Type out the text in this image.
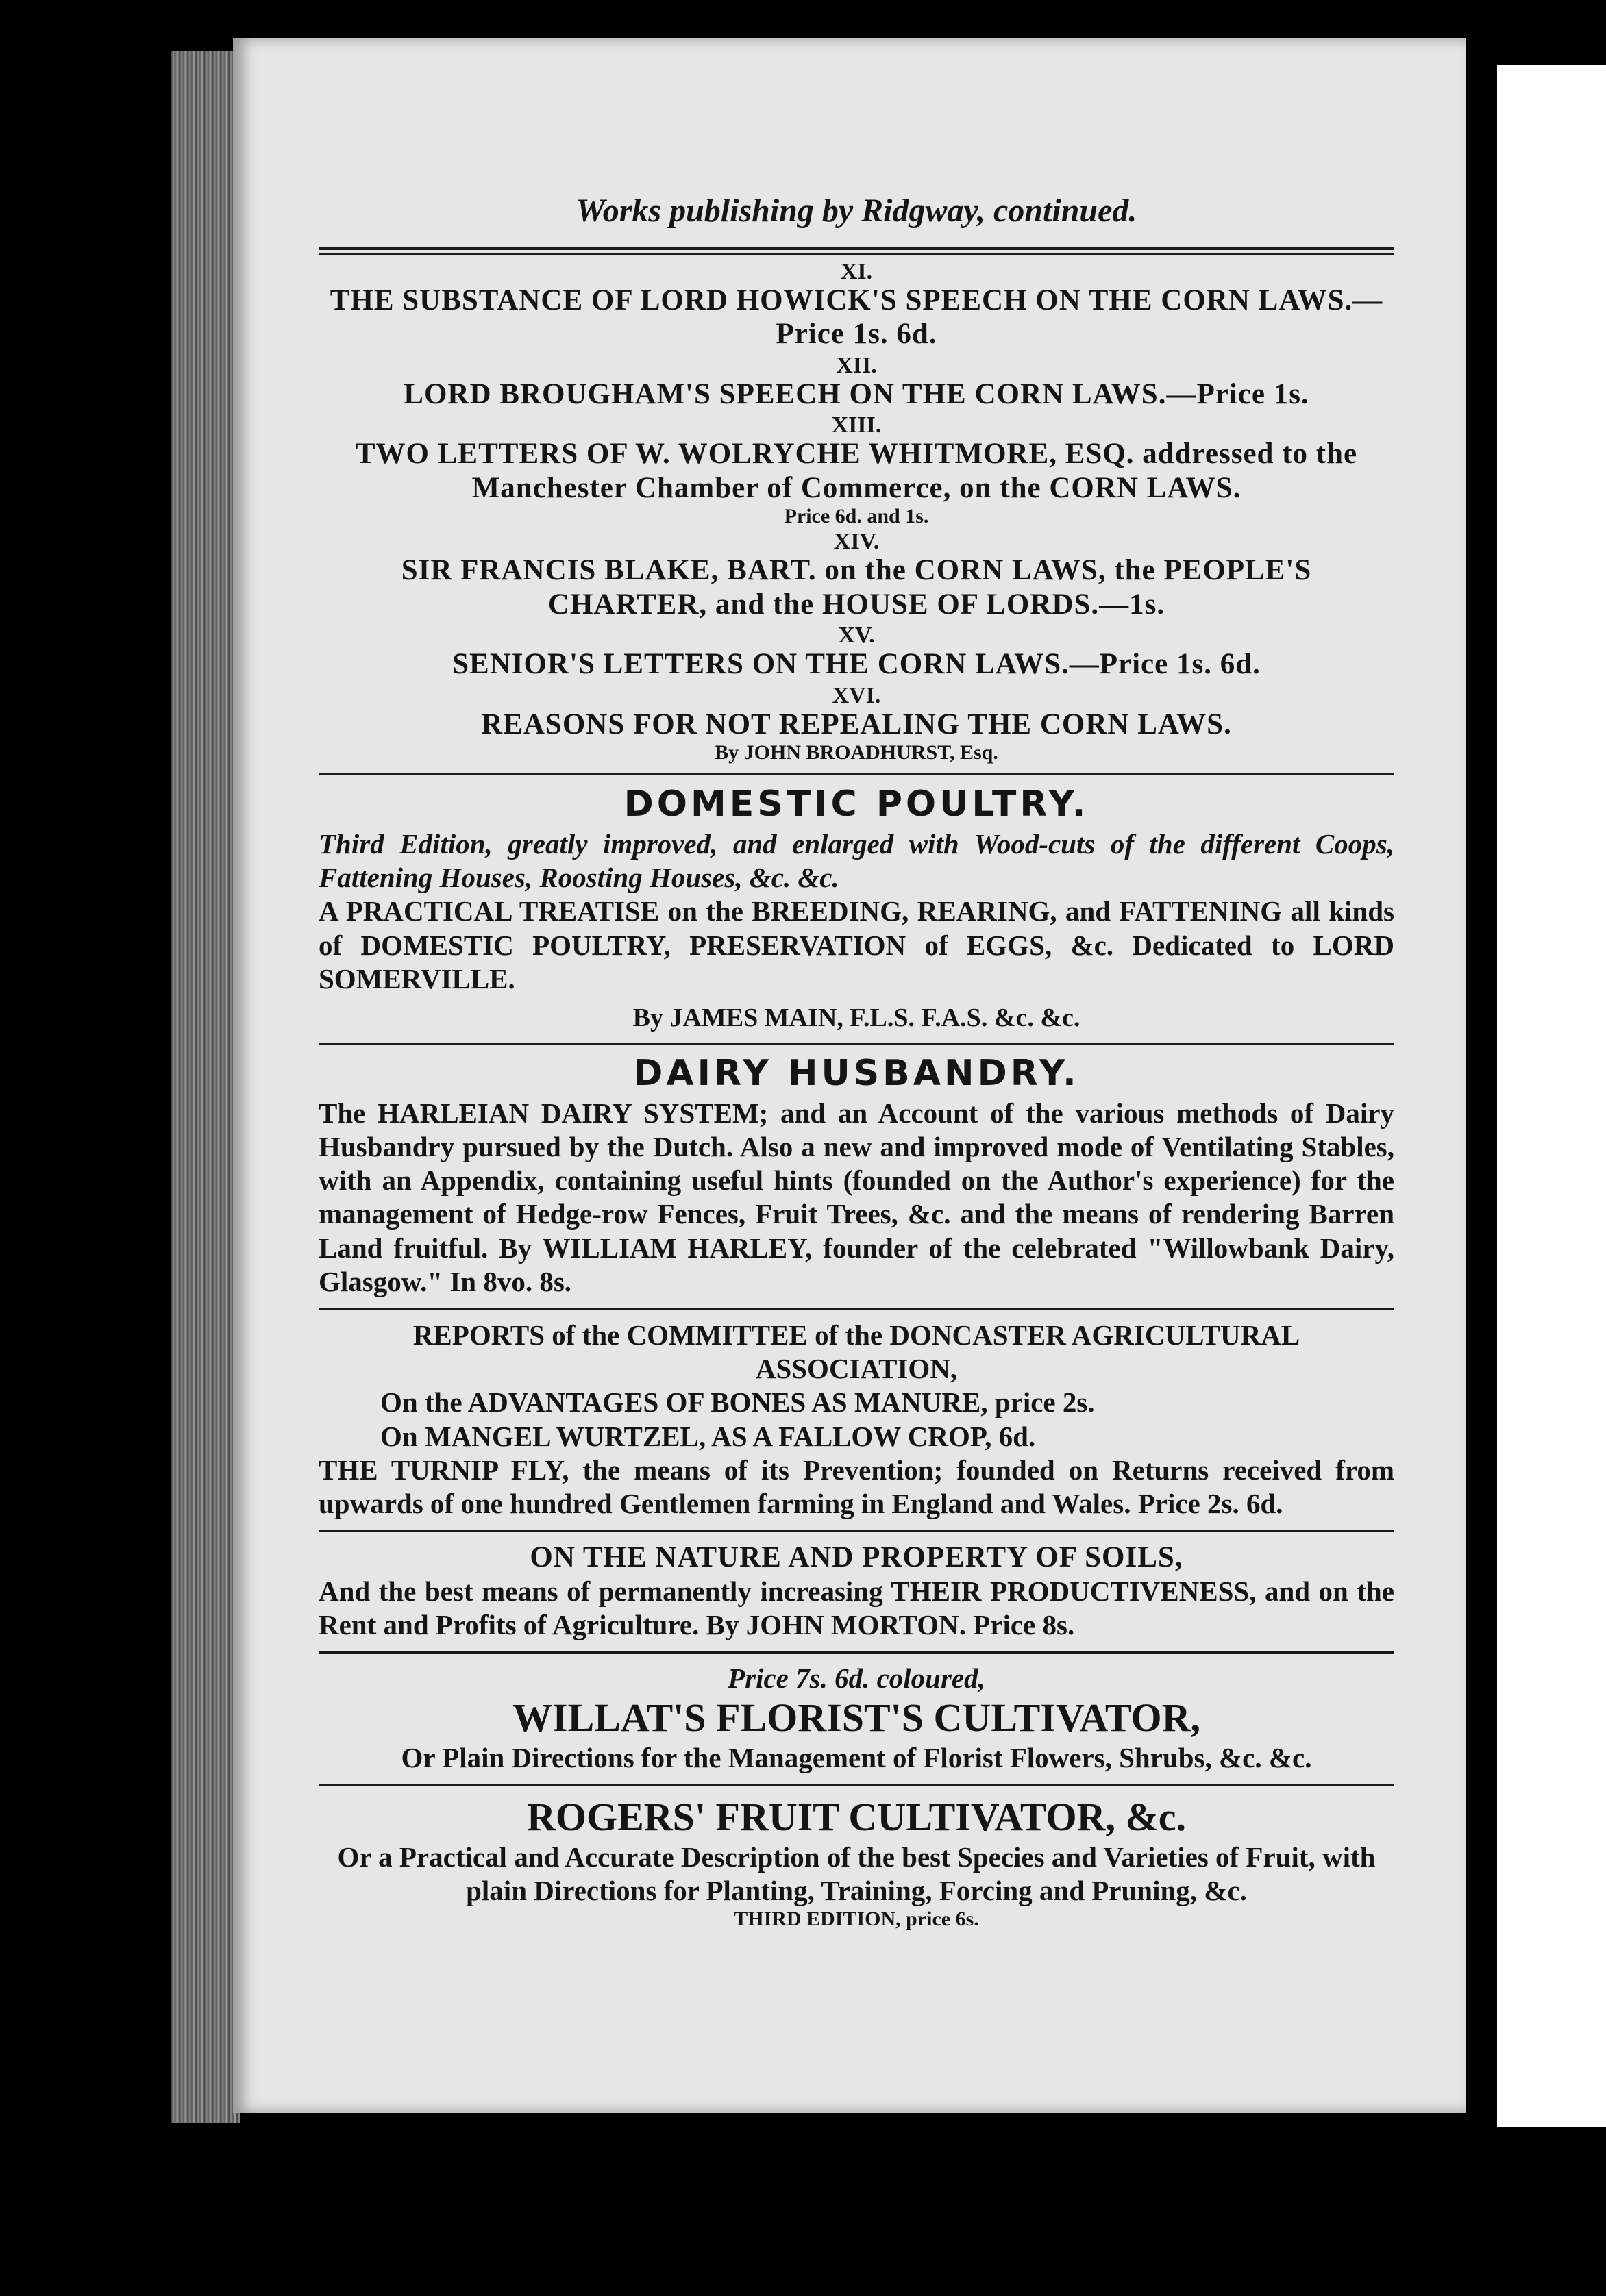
Works publishing by Ridgway, continued.
XI.
THE SUBSTANCE OF LORD HOWICK'S SPEECH ON THE CORN LAWS.—Price 1s. 6d.
XII.
LORD BROUGHAM'S SPEECH ON THE CORN LAWS.—Price 1s.
XIII.
TWO LETTERS OF W. WOLRYCHE WHITMORE, ESQ. addressed to the Manchester Chamber of Commerce, on the CORN LAWS.
Price 6d. and 1s.
XIV.
SIR FRANCIS BLAKE, BART. on the CORN LAWS, the PEOPLE'S CHARTER, and the HOUSE OF LORDS.—1s.
XV.
SENIOR'S LETTERS ON THE CORN LAWS.—Price 1s. 6d.
XVI.
REASONS FOR NOT REPEALING THE CORN LAWS.
By JOHN BROADHURST, Esq.
DOMESTIC POULTRY.
Third Edition, greatly improved, and enlarged with Wood-cuts of the different Coops, Fattening Houses, Roosting Houses, &c. &c.
A PRACTICAL TREATISE on the BREEDING, REARING, and FATTENING all kinds of DOMESTIC POULTRY, PRESERVATION of EGGS, &c. Dedicated to LORD SOMERVILLE.
By JAMES MAIN, F.L.S. F.A.S. &c. &c.
DAIRY HUSBANDRY.
The HARLEIAN DAIRY SYSTEM; and an Account of the various methods of Dairy Husbandry pursued by the Dutch. Also a new and improved mode of Ventilating Stables, with an Appendix, containing useful hints (founded on the Author's experience) for the management of Hedge-row Fences, Fruit Trees, &c. and the means of rendering Barren Land fruitful. By WILLIAM HARLEY, founder of the celebrated "Willowbank Dairy, Glasgow." In 8vo. 8s.
REPORTS of the COMMITTEE of the DONCASTER AGRICULTURAL ASSOCIATION,
On the ADVANTAGES OF BONES AS MANURE, price 2s.
On MANGEL WURTZEL, AS A FALLOW CROP, 6d.
THE TURNIP FLY, the means of its Prevention; founded on Returns received from upwards of one hundred Gentlemen farming in England and Wales. Price 2s. 6d.
ON THE NATURE AND PROPERTY OF SOILS,
And the best means of permanently increasing THEIR PRODUCTIVENESS, and on the Rent and Profits of Agriculture. By JOHN MORTON. Price 8s.
Price 7s. 6d. coloured,
WILLAT'S FLORIST'S CULTIVATOR,
Or Plain Directions for the Management of Florist Flowers, Shrubs, &c. &c.
ROGERS' FRUIT CULTIVATOR, &c.
Or a Practical and Accurate Description of the best Species and Varieties of Fruit, with plain Directions for Planting, Training, Forcing and Pruning, &c.
THIRD EDITION, price 6s.
